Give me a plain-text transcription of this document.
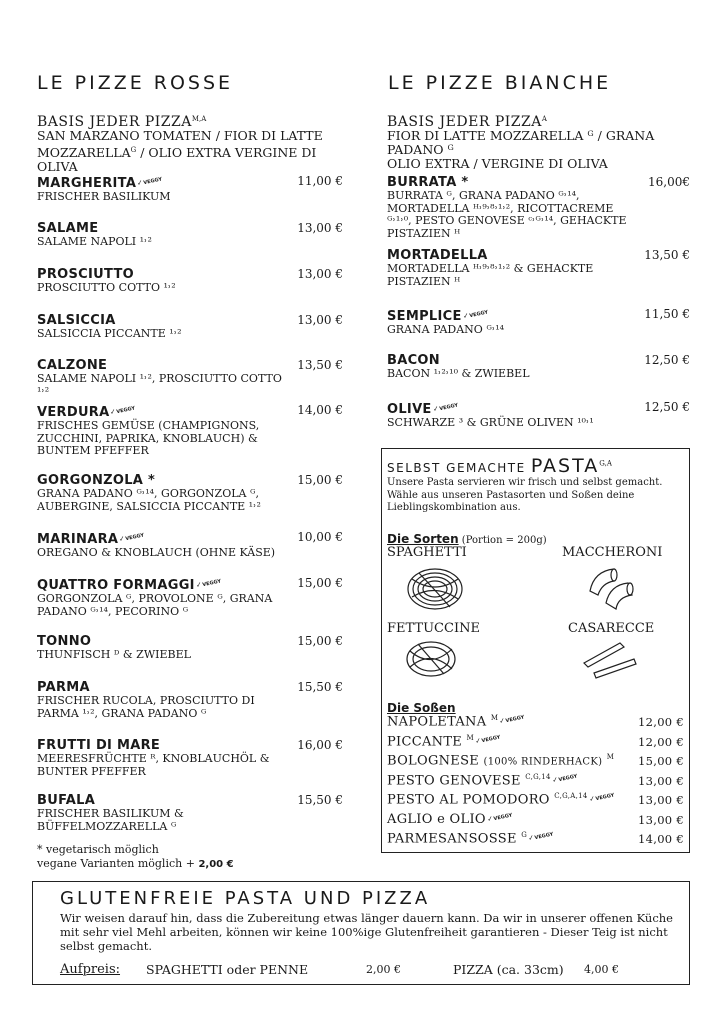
LE PIZZE ROSSE
BASIS JEDER $PIZZA^{M,A}$
SAN MARZANO TOMATEN / FIOR DI LATTE
$MOZZARELLA^G$ / OLIO EXTRA VERGINE DI OLIVA
MARGHERITA ✓ VEGGY
FRISCHER BASILIKUM
11,00 €
SALAME
SALAME NAPOLI ¹˒²
13,00 €
PROSCIUTTO
PROSCIUTTO COTTO ¹˒²
13,00 €
SALSICCIA
SALSICCIA PICCANTE ¹˒²
13,00 €
CALZONE
SALAME NAPOLI ¹˒², PROSCIUTTO COTTO ¹˒²
13,50 €
VERDURA ✓ VEGGY
FRISCHES GEMÜSE (CHAMPIGNONS, ZUCCHINI, PAPRIKA, KNOBLAUCH) & BUNTEM PFEFFER
14,00 €
GORGONZOLA *
GRANA PADANO ᴳ˒¹⁴, GORGONZOLA ᴳ, AUBERGINE, SALSICCIA PICCANTE ¹˒²
15,00 €
MARINARA ✓ VEGGY
OREGANO & KNOBLAUCH (OHNE KÄSE)
10,00 €
QUATTRO FORMAGGI ✓ VEGGY
GORGONZOLA ᴳ, PROVOLONE ᴳ, GRANA PADANO ᴳ˒¹⁴, PECORINO ᴳ
15,00 €
TONNO
THUNFISCH ᴰ & ZWIEBEL
15,00 €
PARMA
FRISCHER RUCOLA, PROSCIUTTO DI PARMA ¹˒², GRANA PADANO ᴳ
15,50 €
FRUTTI DI MARE
MEERESFRÜCHTE ᴿ, KNOBLAUCHÖL & BUNTER PFEFFER
16,00 €
BUFALA
FRISCHER BASILIKUM & BÜFFELMOZZARELLA ᴳ
15,50 €
* vegetarisch möglich
vegane Varianten möglich + 2,00 €
LE PIZZE BIANCHE
BASIS JEDER $PIZZA^A$
FIOR DI LATTE MOZZARELLA ᴳ / GRANA PADANO ᴳ
OLIO EXTRA / VERGINE DI OLIVA
BURRATA *
BURRATA ᴳ, GRANA PADANO ᴳ˒¹⁴, MORTADELLA ᴴ˒⁹˒⁸˒¹˒², RICOTTACREME ᴳ˒¹˒⁰, PESTO GENOVESE ᶜ˒ᴳ˒¹⁴, GEHACKTE PISTAZIEN ᴴ
16,00€
MORTADELLA
MORTADELLA ᴴ˒⁹˒⁸˒¹˒² & GEHACKTE PISTAZIEN ᴴ
13,50 €
SEMPLICE ✓ VEGGY
GRANA PADANO ᴳ˒¹⁴
11,50 €
BACON
BACON ¹˒²˒¹⁰ & ZWIEBEL
12,50 €
OLIVE ✓ VEGGY
SCHWARZE ³ & GRÜNE OLIVEN ¹⁰˒¹
12,50 €
SELBST GEMACHTE $PASTA^{G,A}$
Unsere Pasta servieren wir frisch und selbst gemacht. Wähle aus unseren Pastasorten und Soßen deine Lieblingskombination aus.
Die Sorten (Portion = 200g)
SPAGHETTI	MACCHERONI
FETTUCCINE	CASARECCE
Die Soßen
NAPOLETANA $^M$ ✓ VEGGY	12,00 €
PICCANTE $^M$ ✓ VEGGY	12,00 €
BOLOGNESE (100% RINDERHACK) $^M$ 15,00 €
PESTO GENOVESE $^{C,G,14}$ ✓ VEGGY	13,00 €
PESTO AL POMODORO $^{C,G,A,14}$ ✓ VEGGY 13,00 €
AGLIO e OLIO ✓ VEGGY	13,00 €
PARMESANSOSSE $^G$ ✓ VEGGY	14,00 €
GLUTENFREIE PASTA UND PIZZA
Wir weisen darauf hin, dass die Zubereitung etwas länger dauern kann. Da wir in unserer offenen Küche mit sehr viel Mehl arbeiten, können wir keine 100%ige Glutenfreiheit garantieren - Dieser Teig ist nicht selbst gemacht.
Aufpreis: SPAGHETTI oder PENNE	2,00 €	PIZZA (ca. 33cm) 4,00 €
